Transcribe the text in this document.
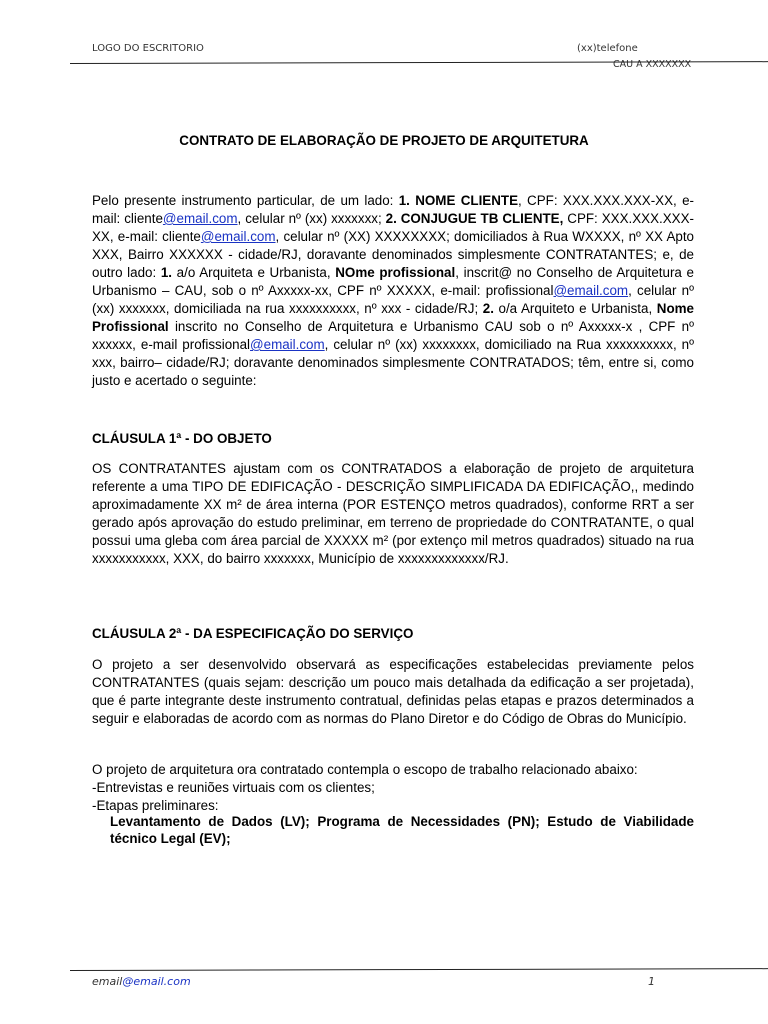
LOGO DO ESCRITORIO	(xx)telefone
CAU A XXXXXXX
CONTRATO DE ELABORAÇÃO DE PROJETO DE ARQUITETURA

Pelo presente instrumento particular, de um lado: 1. NOME CLIENTE, CPF: XXX.XXX.XXX-XX, e-mail: cliente@email.com, celular nº (xx) xxxxxxx; 2. CONJUGUE TB CLIENTE, CPF: XXX.XXX.XXX-XX, e-mail: cliente@email.com, celular nº (XX) XXXXXXXX; domiciliados à Rua WXXXX, nº XX Apto XXX, Bairro XXXXXX - cidade/RJ, doravante denominados simplesmente CONTRATANTES; e, de outro lado: 1. a/o Arquiteta e Urbanista, NOme profissional, inscrit@ no Conselho de Arquitetura e Urbanismo – CAU, sob o nº Axxxxx-xx, CPF nº XXXXX, e-mail: profissional@email.com, celular nº (xx) xxxxxxx, domiciliada na rua xxxxxxxxxx, nº xxx - cidade/RJ; 2. o/a Arquiteto e Urbanista, Nome Profissional inscrito no Conselho de Arquitetura e Urbanismo CAU sob o nº Axxxxx-x , CPF nº xxxxxx, e-mail profissional@email.com, celular nº (xx) xxxxxxxx, domiciliado na Rua xxxxxxxxxx, nº xxx, bairro– cidade/RJ; doravante denominados simplesmente CONTRATADOS; têm, entre si, como justo e acertado o seguinte:

CLÁUSULA 1ª - DO OBJETO

OS CONTRATANTES ajustam com os CONTRATADOS a elaboração de projeto de arquitetura referente a uma TIPO DE EDIFICAÇÃO - DESCRIÇÃO SIMPLIFICADA DA EDIFICAÇÃO,, medindo aproximadamente XX m² de área interna (POR ESTENÇO metros quadrados), conforme RRT a ser gerado após aprovação do estudo preliminar, em terreno de propriedade do CONTRATANTE, o qual possui uma gleba com área parcial de XXXXX m² (por extenço mil metros quadrados) situado na rua xxxxxxxxxxx, XXX, do bairro xxxxxxx, Município de xxxxxxxxxxxxx/RJ.

CLÁUSULA 2ª - DA ESPECIFICAÇÃO DO SERVIÇO

O projeto a ser desenvolvido observará as especificações estabelecidas previamente pelos CONTRATANTES (quais sejam: descrição um pouco mais detalhada da edificação a ser projetada), que é parte integrante deste instrumento contratual, definidas pelas etapas e prazos determinados a seguir e elaboradas de acordo com as normas do Plano Diretor e do Código de Obras do Município.

O projeto de arquitetura ora contratado contempla o escopo de trabalho relacionado abaixo:

-Entrevistas e reuniões virtuais com os clientes;

-Etapas preliminares:

Levantamento de Dados (LV); Programa de Necessidades (PN); Estudo de Viabilidade técnico Legal (EV);
email@email.com	1
